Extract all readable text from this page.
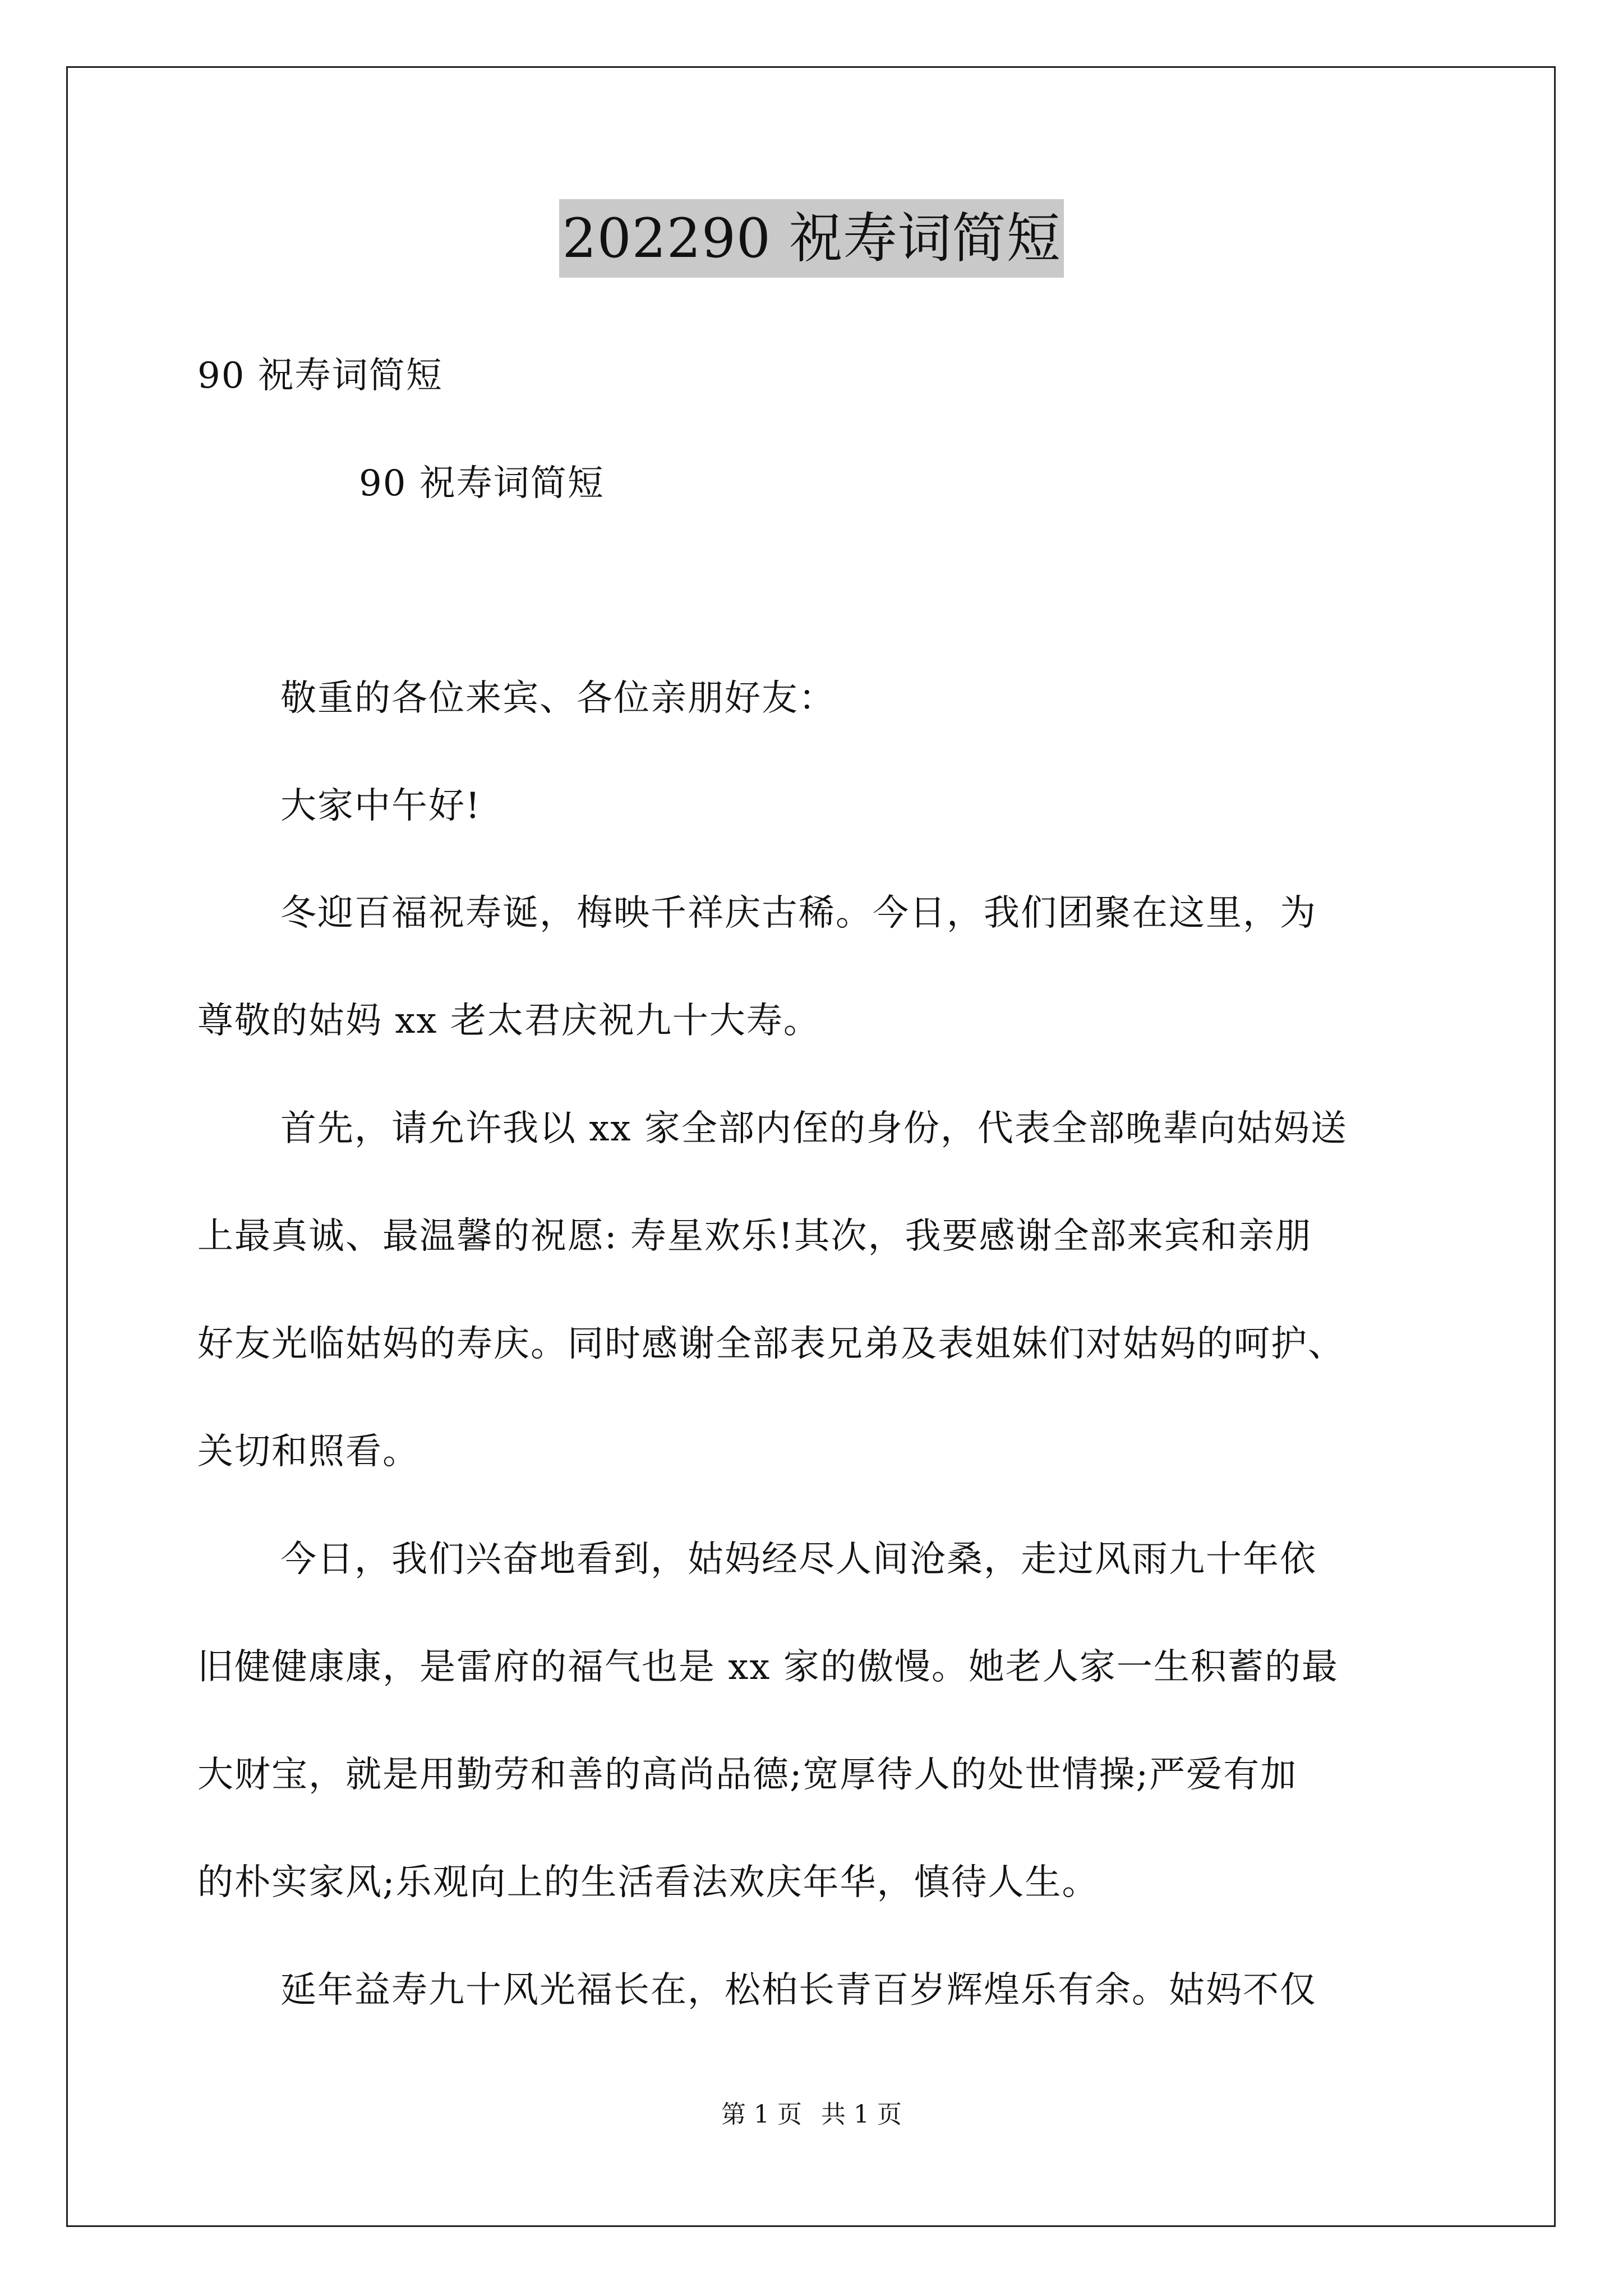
202290 祝寿词简短
90 祝寿词简短
90 祝寿词简短
敬重的各位来宾、各位亲朋好友：
大家中午好!
冬迎百福祝寿诞，梅映千祥庆古稀。今日，我们团聚在这里，为
尊敬的姑妈 xx 老太君庆祝九十大寿。
首先，请允许我以 xx 家全部内侄的身份，代表全部晚辈向姑妈送
上最真诚、最温馨的祝愿: 寿星欢乐!其次，我要感谢全部来宾和亲朋
好友光临姑妈的寿庆。同时感谢全部表兄弟及表姐妹们对姑妈的呵护、
关切和照看。
今日，我们兴奋地看到，姑妈经尽人间沧桑，走过风雨九十年依
旧健健康康，是雷府的福气也是 xx 家的傲慢。她老人家一生积蓄的最
大财宝，就是用勤劳和善的高尚品德;宽厚待人的处世情操;严爱有加
的朴实家风;乐观向上的生活看法欢庆年华，慎待人生。
延年益寿九十风光福长在，松柏长青百岁辉煌乐有余。姑妈不仅
第 1 页 共 1 页
